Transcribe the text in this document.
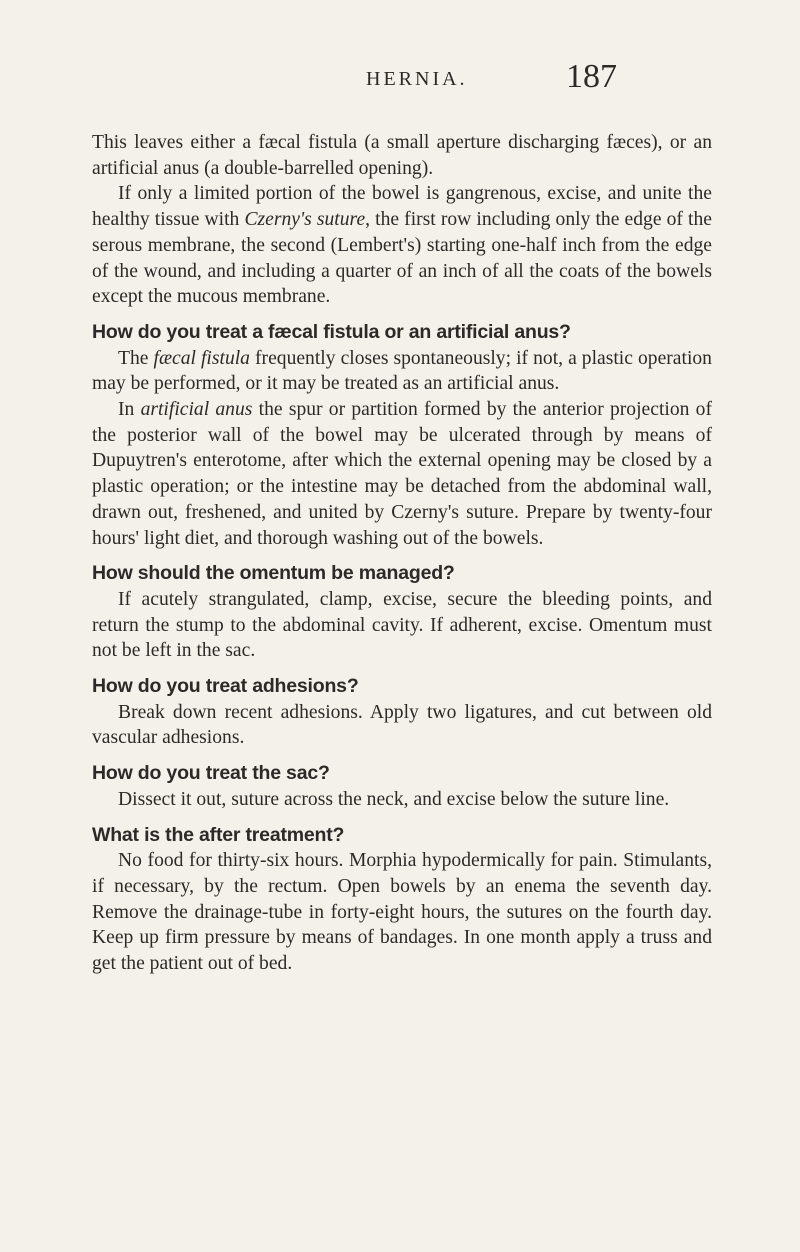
HERNIA.	187

This leaves either a fæcal fistula (a small aperture discharging fæces), or an artificial anus (a double-barrelled opening).

If only a limited portion of the bowel is gangrenous, excise, and unite the healthy tissue with Czerny's suture, the first row including only the edge of the serous membrane, the second (Lembert's) starting one-half inch from the edge of the wound, and including a quarter of an inch of all the coats of the bowels except the mucous membrane.

How do you treat a fæcal fistula or an artificial anus?

The fæcal fistula frequently closes spontaneously; if not, a plastic operation may be performed, or it may be treated as an artificial anus.

In artificial anus the spur or partition formed by the anterior projection of the posterior wall of the bowel may be ulcerated through by means of Dupuytren's enterotome, after which the external opening may be closed by a plastic operation; or the intestine may be detached from the abdominal wall, drawn out, freshened, and united by Czerny's suture. Prepare by twenty-four hours' light diet, and thorough washing out of the bowels.

How should the omentum be managed?

If acutely strangulated, clamp, excise, secure the bleeding points, and return the stump to the abdominal cavity. If adherent, excise. Omentum must not be left in the sac.

How do you treat adhesions?

Break down recent adhesions. Apply two ligatures, and cut between old vascular adhesions.

How do you treat the sac?

Dissect it out, suture across the neck, and excise below the suture line.

What is the after treatment?

No food for thirty-six hours. Morphia hypodermically for pain. Stimulants, if necessary, by the rectum. Open bowels by an enema the seventh day. Remove the drainage-tube in forty-eight hours, the sutures on the fourth day. Keep up firm pressure by means of bandages. In one month apply a truss and get the patient out of bed.
